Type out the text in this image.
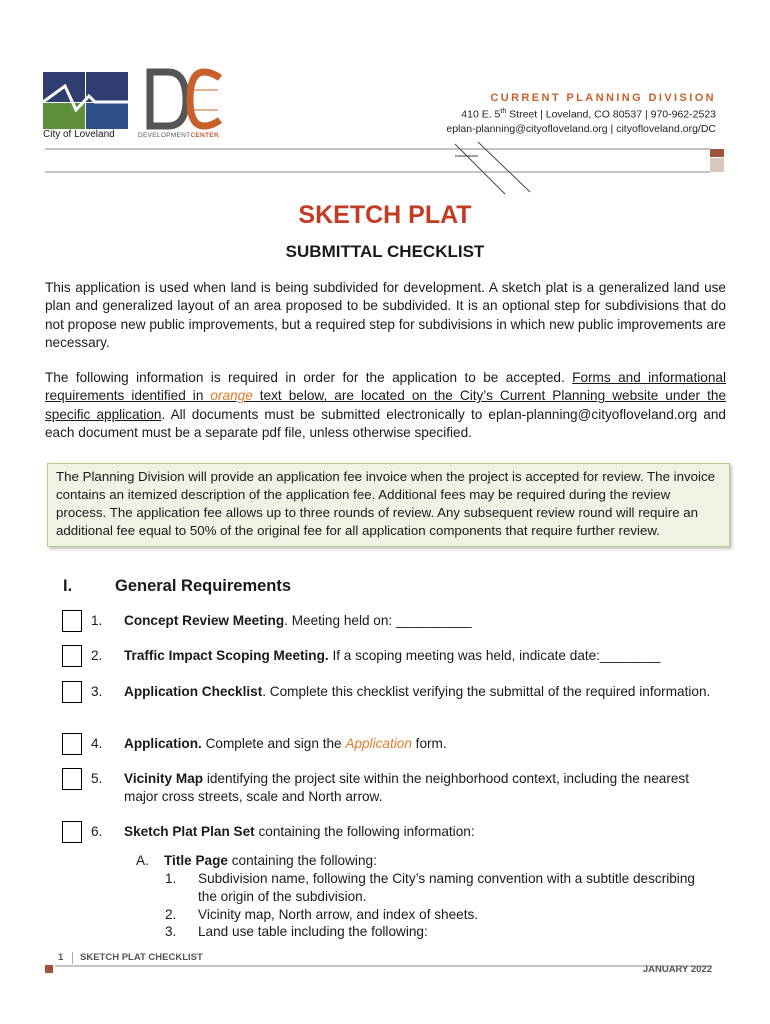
City of Loveland	DEVELOPMENTCENTER
CURRENT PLANNING DIVISION
410 E. 5th Street | Loveland, CO 80537 | 970-962-2523
eplan-planning@cityofloveland.org | cityofloveland.org/DC
SKETCH PLAT
SUBMITTAL CHECKLIST
This application is used when land is being subdivided for development. A sketch plat is a generalized land use plan and generalized layout of an area proposed to be subdivided. It is an optional step for subdivisions that do not propose new public improvements, but a required step for subdivisions in which new public improvements are necessary.
The following information is required in order for the application to be accepted. Forms and informational requirements identified in orange text below, are located on the City’s Current Planning website under the specific application. All documents must be submitted electronically to eplan-planning@cityofloveland.org and each document must be a separate pdf file, unless otherwise specified.
The Planning Division will provide an application fee invoice when the project is accepted for review. The invoice contains an itemized description of the application fee. Additional fees may be required during the review process. The application fee allows up to three rounds of review. Any subsequent review round will require an additional fee equal to 50% of the original fee for all application components that require further review.
I.	General Requirements
1. Concept Review Meeting. Meeting held on: __________
2. Traffic Impact Scoping Meeting. If a scoping meeting was held, indicate date:________
3. Application Checklist. Complete this checklist verifying the submittal of the required information.
4. Application. Complete and sign the Application form.
5. Vicinity Map identifying the project site within the neighborhood context, including the nearest major cross streets, scale and North arrow.
6. Sketch Plat Plan Set containing the following information:
A. Title Page containing the following:
1. Subdivision name, following the City’s naming convention with a subtitle describing the origin of the subdivision.
2. Vicinity map, North arrow, and index of sheets.
3. Land use table including the following:
1 SKETCH PLAT CHECKLIST
JANUARY 2022
